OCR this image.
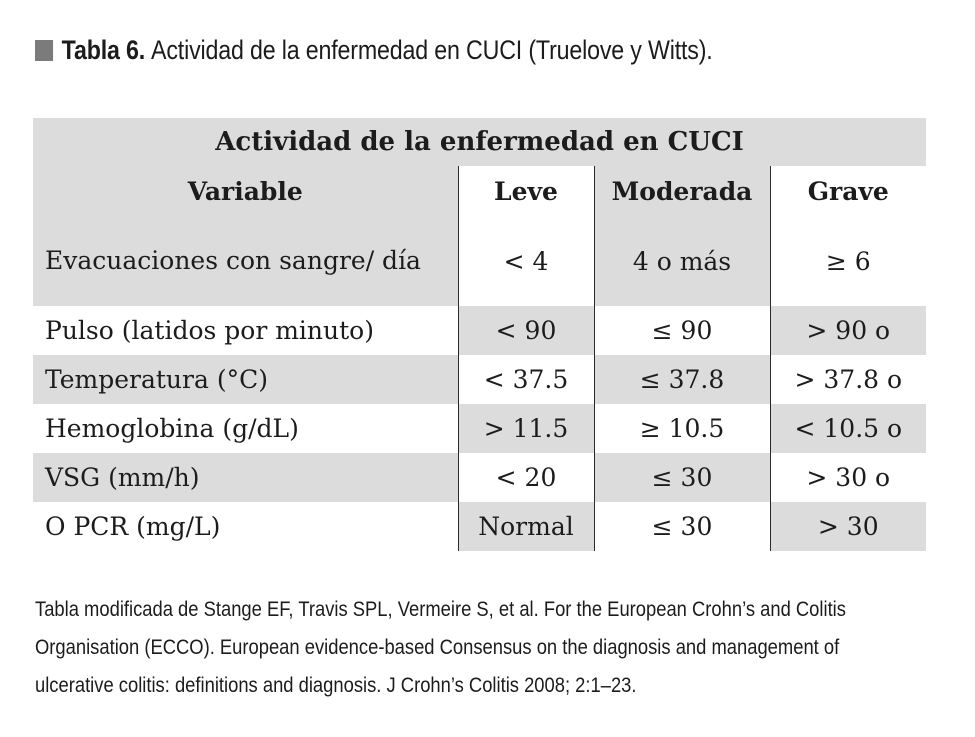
Tabla 6. Actividad de la enfermedad en CUCI (Truelove y Witts).
Actividad de la enfermedad en CUCI			
Variable	Leve	Moderada	Grave
Evacuaciones con sangre/ día	< 4	4 o más	≥ 6
Pulso (latidos por minuto)	< 90	≤ 90	> 90 o
Temperatura (°C)	< 37.5	≤ 37.8	> 37.8 o
Hemoglobina (g/dL)	> 11.5	≥ 10.5	< 10.5 o
VSG (mm/h)	< 20	≤ 30	> 30 o
O PCR (mg/L)	Normal	≤ 30	> 30
Tabla modificada de Stange EF, Travis SPL, Vermeire S, et al. For the European Crohn’s and Colitis
Organisation (ECCO). European evidence-based Consensus on the diagnosis and management of
ulcerative colitis: definitions and diagnosis. J Crohn’s Colitis 2008; 2:1–23.
